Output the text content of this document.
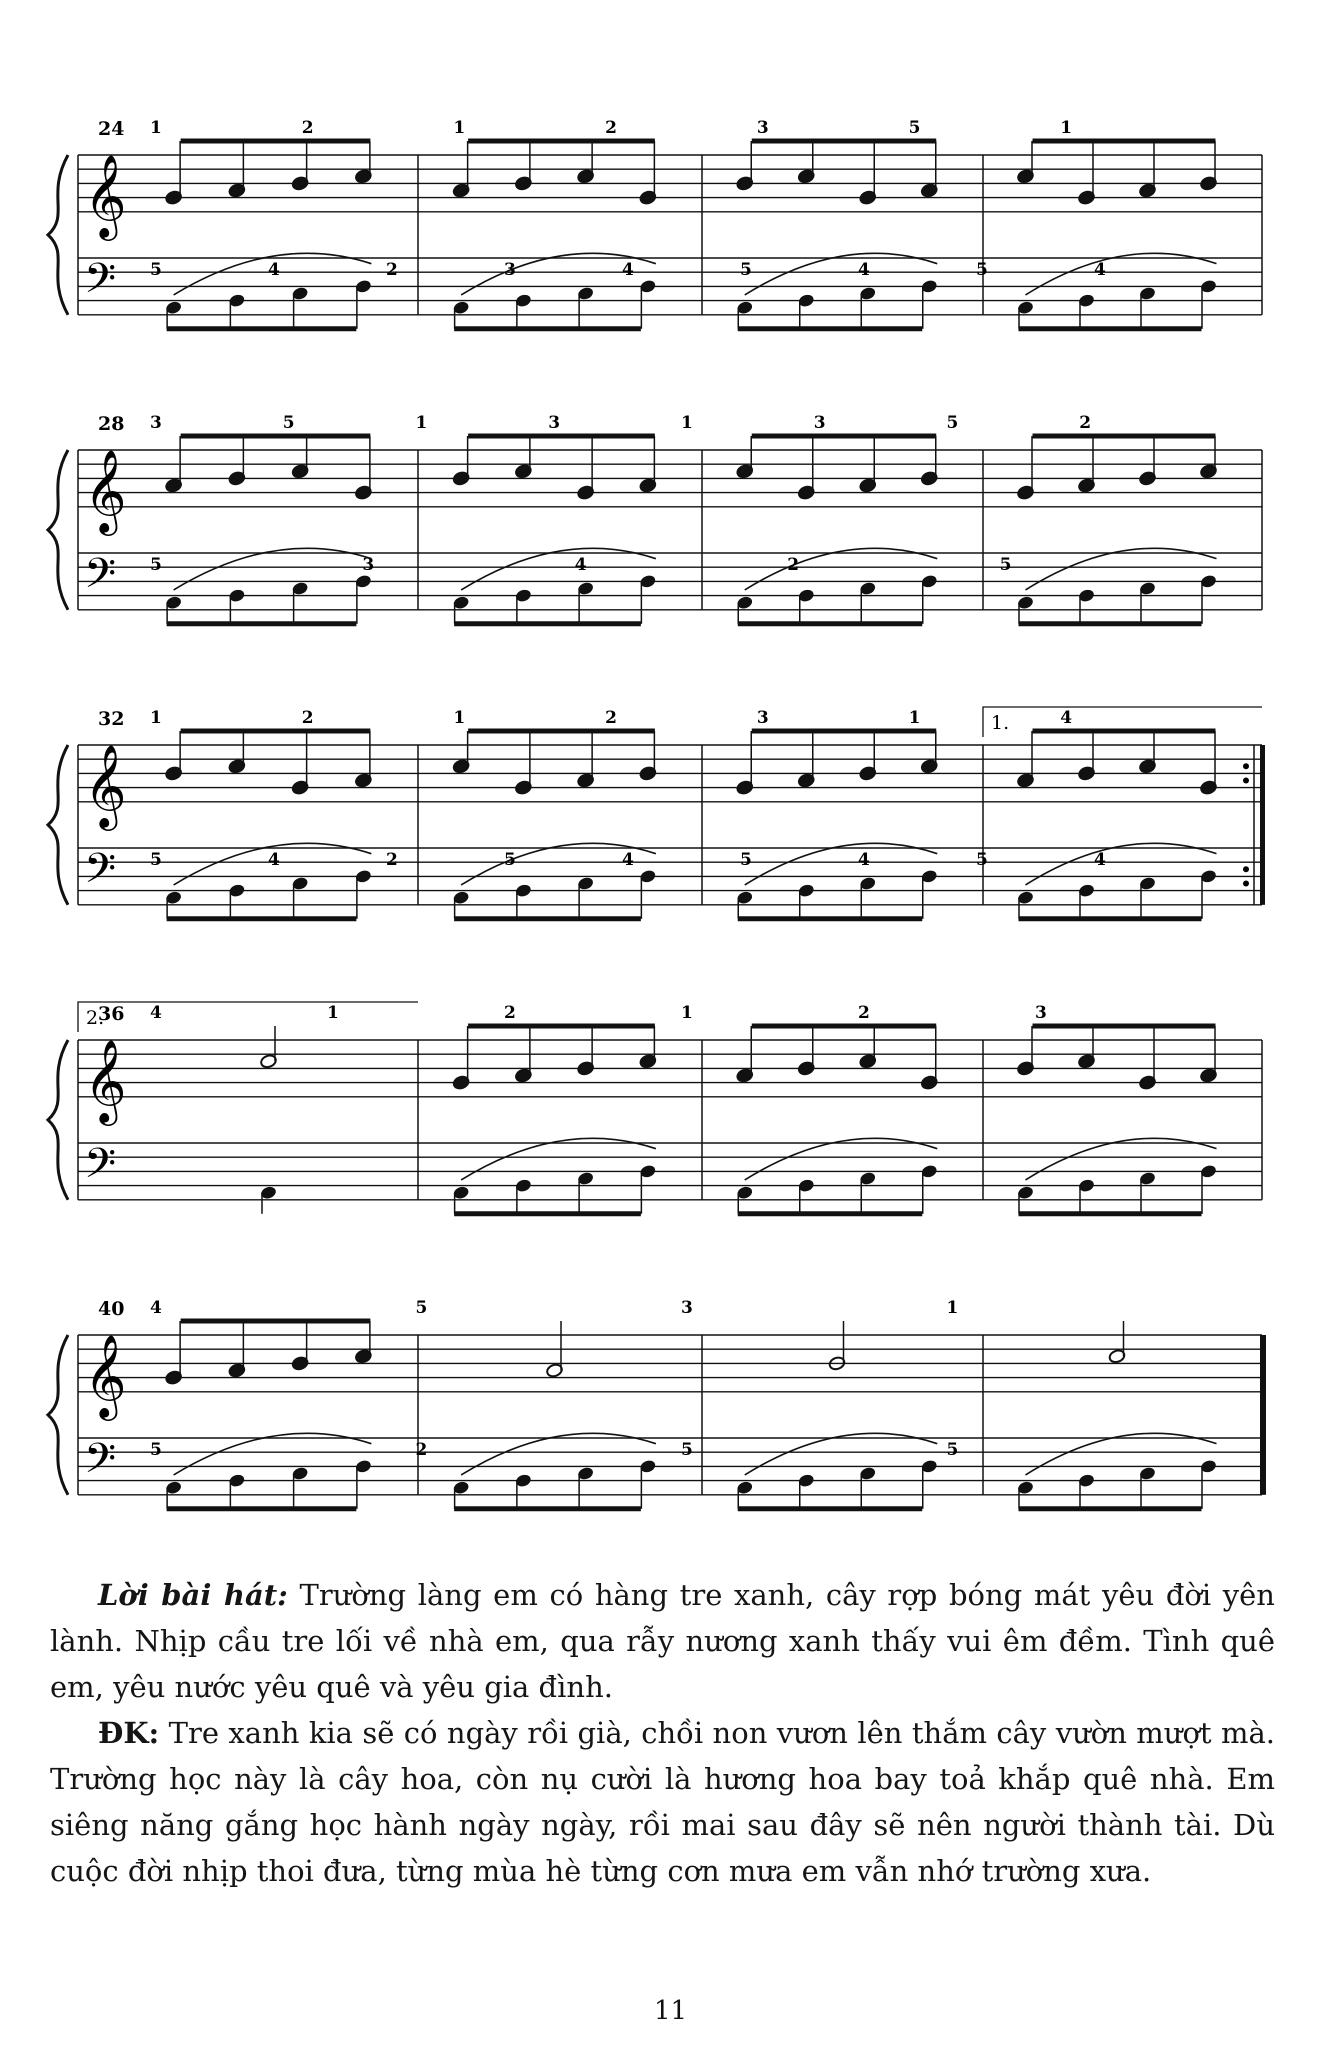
𝄞
𝄢
24 1	2	1	2	3	5	1
5	4	2	3	4	5	4	5	4
𝄞
𝄢
28 3	5	1	3	1	3	5	2
5	3	4	2	5
𝄞
𝄢
32	1.
1	2	1	2	3	1	4
5	4	2	5	4	5	4	5	4
𝄞
𝄢
36
2.	4	1	2	1	2	3
𝄞
𝄢
40 4	5	3	1
5	2	5	5

Lời bài hát: Trường làng em có hàng tre xanh, cây rợp bóng mát yêu đời yên lành. Nhịp cầu tre lối về nhà em, qua rẫy nương xanh thấy vui êm đềm. Tình quê em, yêu nước yêu quê và yêu gia đình.

ĐK: Tre xanh kia sẽ có ngày rồi già, chồi non vươn lên thắm cây vườn mượt mà. Trường học này là cây hoa, còn nụ cười là hương hoa bay toả khắp quê nhà. Em siêng năng gắng học hành ngày ngày, rồi mai sau đây sẽ nên người thành tài. Dù cuộc đời nhịp thoi đưa, từng mùa hè từng cơn mưa em vẫn nhớ trường xưa.

11
